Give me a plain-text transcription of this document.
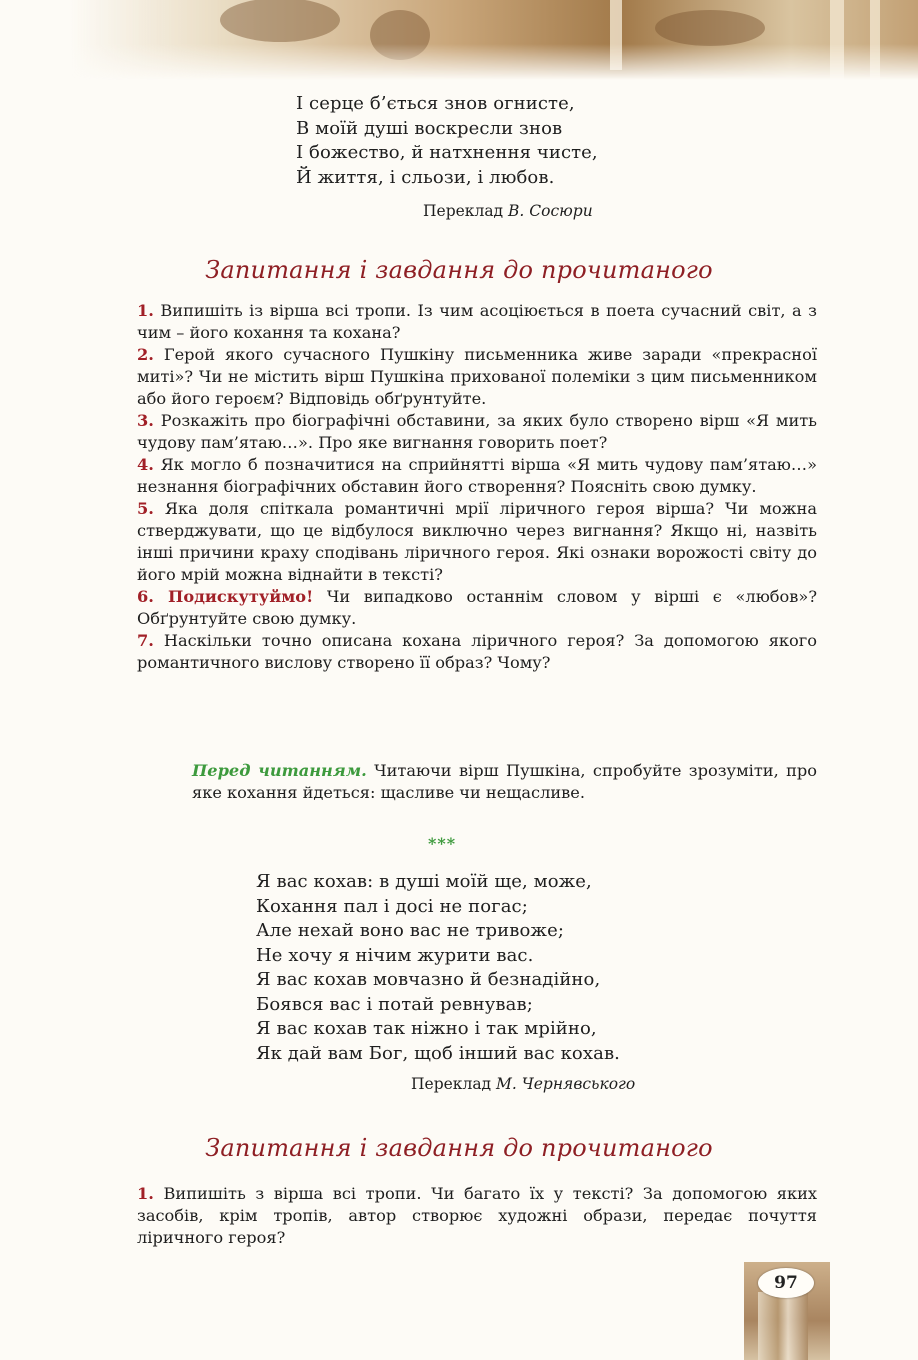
І серце б’ється знов огнисте,
В моїй душі воскресли знов
І божество, й натхнення чисте,
Й життя, і сльози, і любов.
Переклад В. Сосюри
Запитання і завдання до прочитаного

1. Випишіть із вірша всі тропи. Із чим асоціюється в поета сучасний світ, а з чим – його кохання та кохана?

2. Герой якого сучасного Пушкіну письменника живе заради «прекрасної миті»? Чи не містить вірш Пушкіна прихованої полеміки з цим письменником або його героєм? Відповідь обґрунтуйте.

3. Розкажіть про біографічні обставини, за яких було створено вірш «Я мить чудову пам’ятаю…». Про яке вигнання говорить поет?

4. Як могло б позначитися на сприйнятті вірша «Я мить чудову пам’ятаю…» незнання біографічних обставин його створення? Поясніть свою думку.

5. Яка доля спіткала романтичні мрії ліричного героя вірша? Чи можна стверджувати, що це відбулося виключно через вигнання? Якщо ні, назвіть інші причини краху сподівань ліричного героя. Які ознаки ворожості світу до його мрій можна віднайти в тексті?

6. Подискутуймо! Чи випадково останнім словом у вірші є «любов»? Обґрунтуйте свою думку.

7. Наскільки точно описана кохана ліричного героя? За допомогою якого романтичного вислову створено її образ? Чому?

Перед читанням. Читаючи вірш Пушкіна, спробуйте зрозуміти, про яке кохання йдеться: щасливе чи нещасливе.
***
Я вас кохав: в душі моїй ще, може,
Кохання пал і досі не погас;
Але нехай воно вас не тривоже;
Не хочу я нічим журити вас.
Я вас кохав мовчазно й безнадійно,
Боявся вас і потай ревнував;
Я вас кохав так ніжно і так мрійно,
Як дай вам Бог, щоб інший вас кохав.
Переклад М. Чернявського
Запитання і завдання до прочитаного

1. Випишіть з вірша всі тропи. Чи багато їх у тексті? За допомогою яких засобів, крім тропів, автор створює художні образи, передає почуття ліричного героя?

97
